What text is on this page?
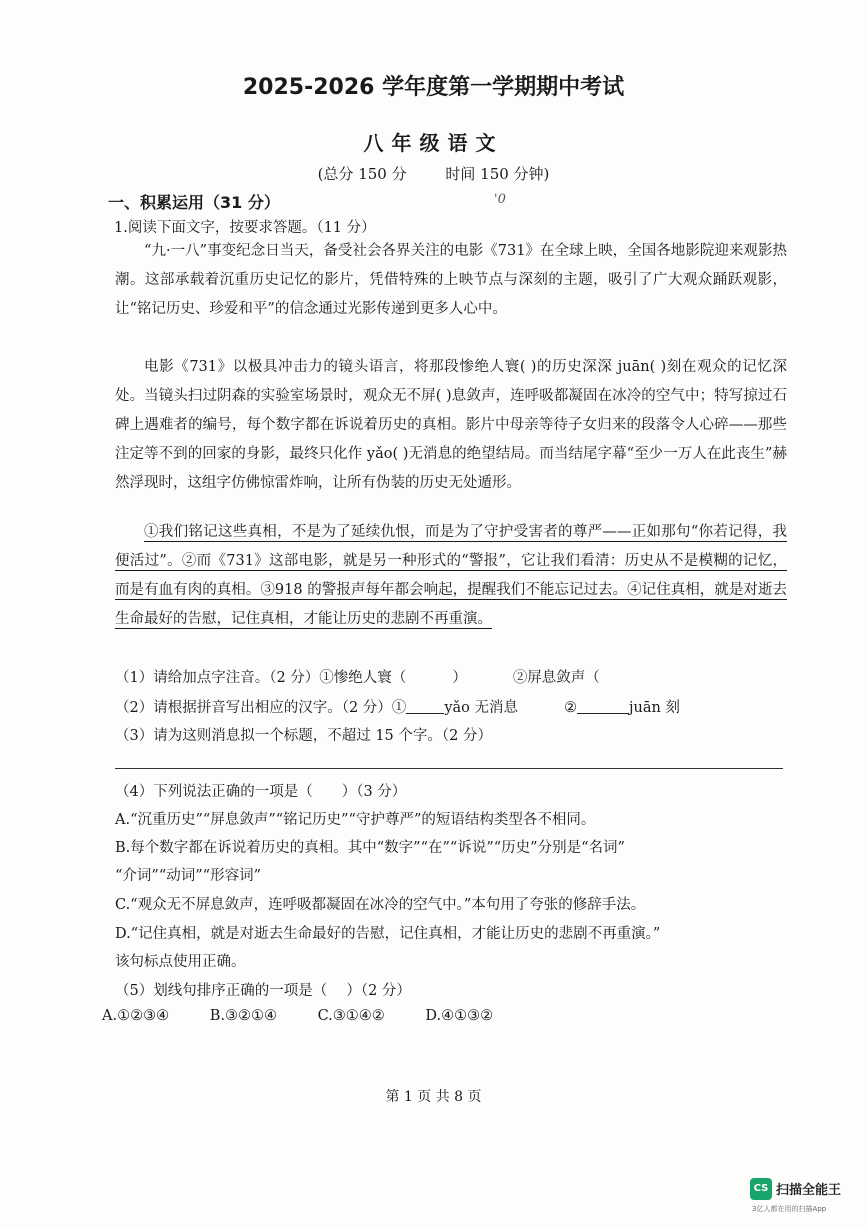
2025-2026 学年度第一学期期中考试
八年级语文
(总分 150 分	时间 150 分钟)
一、积累运用（31 分）	'0
1.阅读下面文字，按要求答题。（11 分）

“九·一八”事变纪念日当天，备受社会各界关注的电影《731》在全球上映，全国各地影院迎来观影热潮。这部承载着沉重历史记忆的影片，凭借特殊的上映节点与深刻的主题，吸引了广大观众踊跃观影，让“铭记历史、珍爱和平”的信念通过光影传递到更多人心中。

电影《731》以极具冲击力的镜头语言，将那段惨绝人寰( )的历史深深 juān( )刻在观众的记忆深处。当镜头扫过阴森的实验室场景时，观众无不屏( )息敛声，连呼吸都凝固在冰冷的空气中；特写掠过石碑上遇难者的编号，每个数字都在诉说着历史的真相。影片中母亲等待子女归来的段落令人心碎——那些注定等不到的回家的身影，最终只化作 yǎo( )无消息的绝望结局。而当结尾字幕“至少一万人在此丧生”赫然浮现时，这组字仿佛惊雷炸响，让所有伪装的历史无处遁形。

①我们铭记这些真相，不是为了延续仇恨，而是为了守护受害者的尊严——正如那句“你若记得，我便活过”。②而《731》这部电影，就是另一种形式的“警报”，它让我们看清：历史从不是模糊的记忆，而是有血有肉的真相。③918 的警报声每年都会响起，提醒我们不能忘记过去。④记住真相，就是对逝去生命最好的告慰，记住真相，才能让历史的悲剧不再重演。

（1）请给加点字注音。（2 分）①惨绝人寰（	）	②屏息敛声（
（2）请根据拼音写出相应的汉字。（2 分）①	yǎo 无消息	②	juān 刻
（3）请为这则消息拟一个标题，不超过 15 个字。（2 分）
（4）下列说法正确的一项是（　　）（3 分）
A.“沉重历史”“屏息敛声”“铭记历史”“守护尊严”的短语结构类型各不相同。
B.每个数字都在诉说着历史的真相。其中“数字”“在”“诉说”“历史”分别是“名词”
“介词”“动词”“形容词”
C.“观众无不屏息敛声，连呼吸都凝固在冰冷的空气中。”本句用了夸张的修辞手法。
D.“记住真相，就是对逝去生命最好的告慰，记住真相，才能让历史的悲剧不再重演。”
该句标点使用正确。
（5）划线句排序正确的一项是（　 ）（2 分）
A.①②③④	B.③②①④	C.③①④②	D.④①③②
第 1 页 共 8 页
CS 扫描全能王
3亿人都在用的扫描App
